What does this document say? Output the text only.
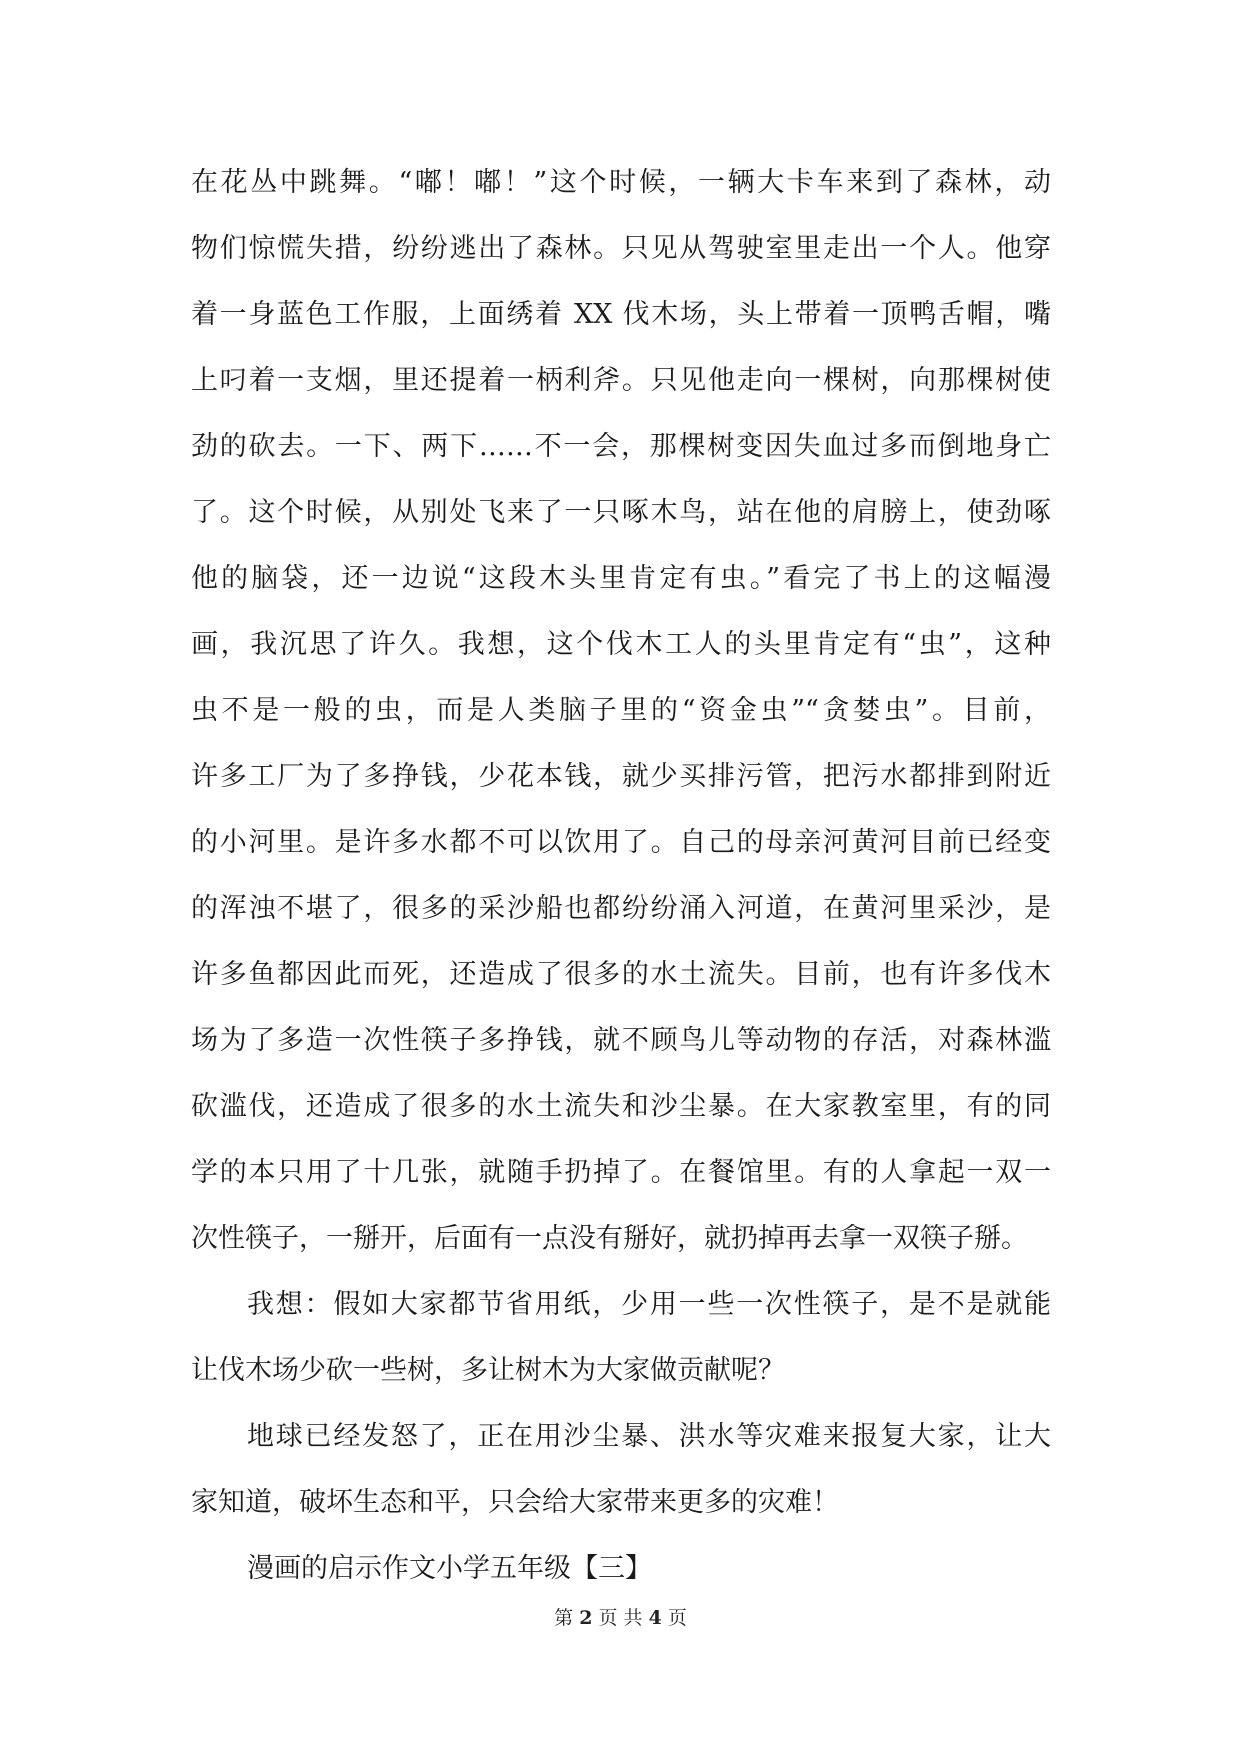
在花丛中跳舞。“嘟！嘟！”这个时候，一辆大卡车来到了森林，动
物们惊慌失措，纷纷逃出了森林。只见从驾驶室里走出一个人。他穿
着一身蓝色工作服，上面绣着 XX 伐木场，头上带着一顶鸭舌帽，嘴
上叼着一支烟，里还提着一柄利斧。只见他走向一棵树，向那棵树使
劲的砍去。一下、两下……不一会，那棵树变因失血过多而倒地身亡
了。这个时候，从别处飞来了一只啄木鸟，站在他的肩膀上，使劲啄
他的脑袋，还一边说“这段木头里肯定有虫。”看完了书上的这幅漫
画，我沉思了许久。我想，这个伐木工人的头里肯定有“虫”，这种
虫不是一般的虫，而是人类脑子里的“资金虫”“贪婪虫”。目前，
许多工厂为了多挣钱，少花本钱，就少买排污管，把污水都排到附近
的小河里。是许多水都不可以饮用了。自己的母亲河黄河目前已经变
的浑浊不堪了，很多的采沙船也都纷纷涌入河道，在黄河里采沙，是
许多鱼都因此而死，还造成了很多的水土流失。目前，也有许多伐木
场为了多造一次性筷子多挣钱，就不顾鸟儿等动物的存活，对森林滥
砍滥伐，还造成了很多的水土流失和沙尘暴。在大家教室里，有的同
学的本只用了十几张，就随手扔掉了。在餐馆里。有的人拿起一双一
次性筷子，一掰开，后面有一点没有掰好，就扔掉再去拿一双筷子掰。
我想：假如大家都节省用纸，少用一些一次性筷子，是不是就能
让伐木场少砍一些树，多让树木为大家做贡献呢？
地球已经发怒了，正在用沙尘暴、洪水等灾难来报复大家，让大
家知道，破坏生态和平，只会给大家带来更多的灾难！
漫画的启示作文小学五年级【三】
第 2 页 共 4 页
